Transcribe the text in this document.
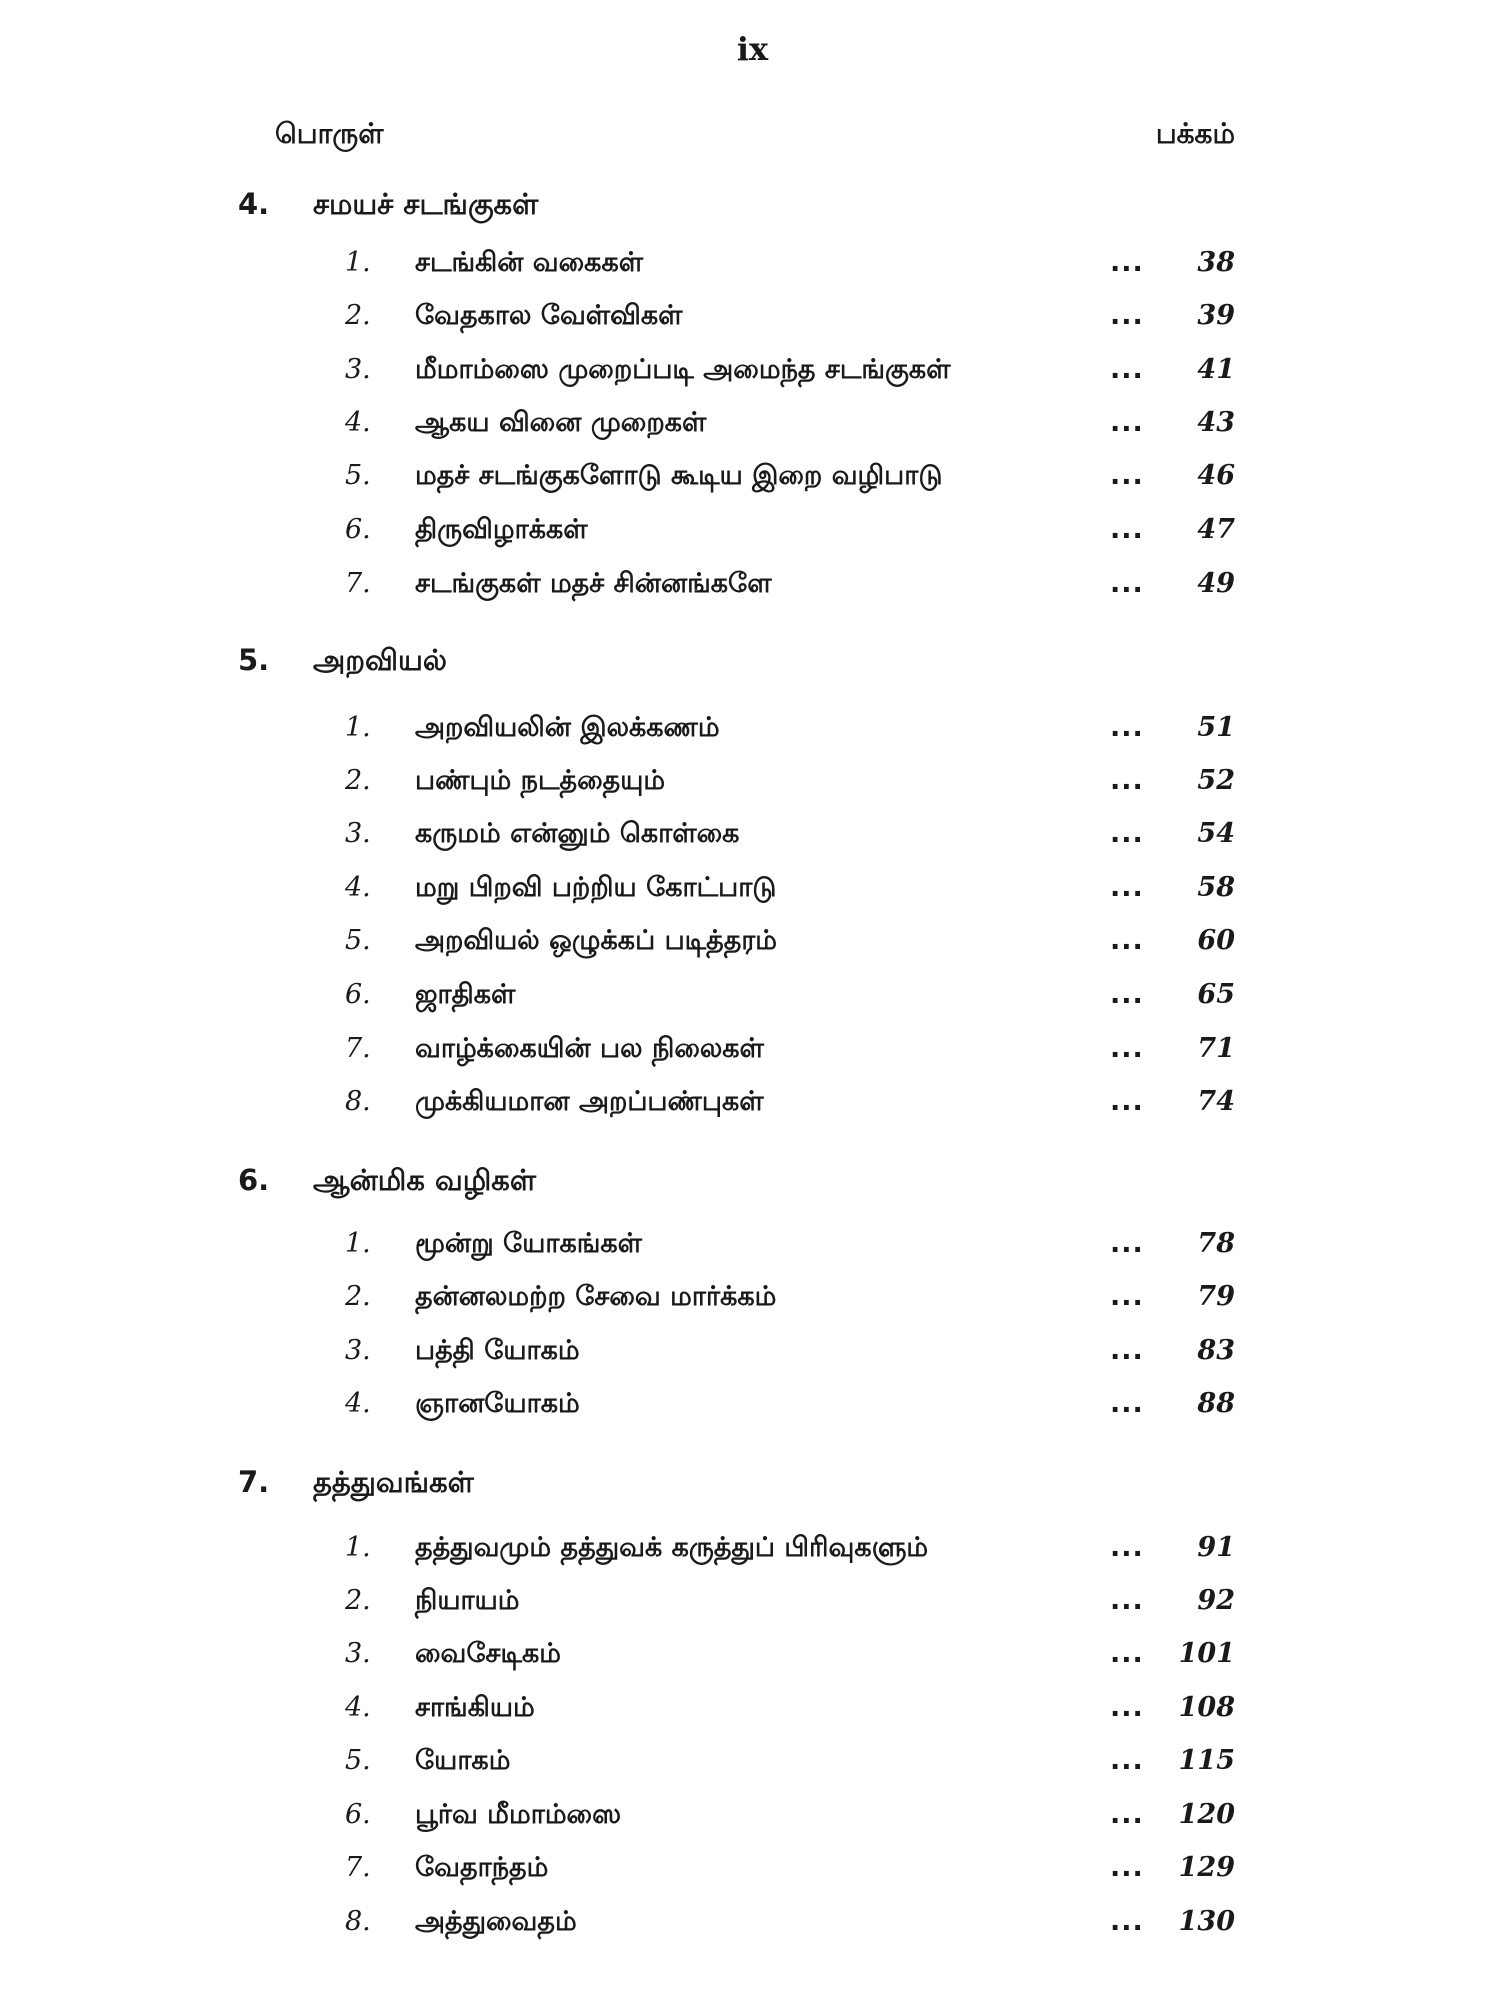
ix
பொருள்	பக்கம்
4. சமயச் சடங்குகள்
1. சடங்கின் வகைகள்	... 38
2. வேதகால வேள்விகள்	... 39
3. மீமாம்ஸை முறைப்படி அமைந்த சடங்குகள்	... 41
4. ஆகய வினை முறைகள்	... 43
5. மதச் சடங்குகளோடு கூடிய இறை வழிபாடு	... 46
6. திருவிழாக்கள்	... 47
7. சடங்குகள் மதச் சின்னங்களே	... 49
5. அறவியல்
1. அறவியலின் இலக்கணம்	... 51
2. பண்பும் நடத்தையும்	... 52
3. கருமம் என்னும் கொள்கை	... 54
4. மறு பிறவி பற்றிய கோட்பாடு	... 58
5. அறவியல் ஒழுக்கப் படித்தரம்	... 60
6. ஜாதிகள்	... 65
7. வாழ்க்கையின் பல நிலைகள்	... 71
8. முக்கியமான அறப்பண்புகள்	... 74
6. ஆன்மிக வழிகள்
1. மூன்று யோகங்கள்	... 78
2. தன்னலமற்ற சேவை மார்க்கம்	... 79
3. பத்தி யோகம்	... 83
4. ஞானயோகம்	... 88
7. தத்துவங்கள்
1. தத்துவமும் தத்துவக் கருத்துப் பிரிவுகளும்	... 91
2. நியாயம்	... 92
3. வைசேடிகம்	... 101
4. சாங்கியம்	... 108
5. யோகம்	... 115
6. பூர்வ மீமாம்ஸை	... 120
7. வேதாந்தம்	... 129
8. அத்துவைதம்	... 130
